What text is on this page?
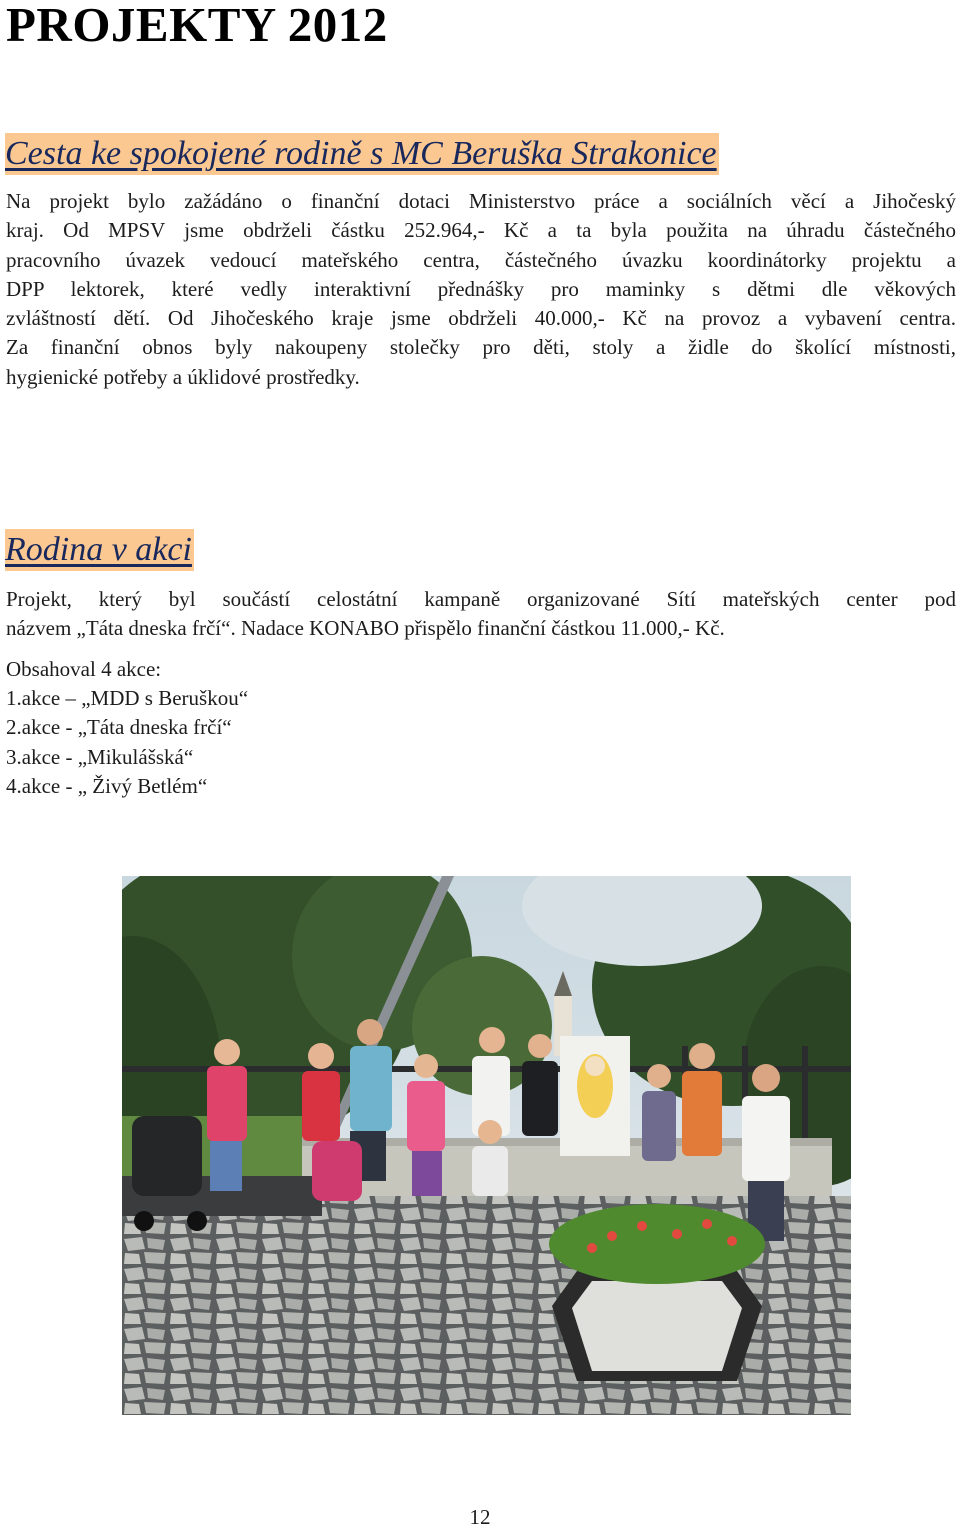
PROJEKTY 2012
Cesta ke spokojené rodině s MC Beruška Strakonice
Na projekt bylo zažádáno o finanční dotaci Ministerstvo práce a sociálních věcí a Jihočeský
kraj. Od MPSV jsme obdrželi částku 252.964,- Kč a ta byla použita na úhradu částečného
pracovního úvazek vedoucí mateřského centra, částečného úvazku koordinátorky projektu a
DPP lektorek, které vedly interaktivní přednášky pro maminky s dětmi dle věkových
zvláštností dětí. Od Jihočeského kraje jsme obdrželi 40.000,- Kč na provoz a vybavení centra.
Za finanční obnos byly nakoupeny stolečky pro děti, stoly a židle do školící místnosti,
hygienické potřeby a úklidové prostředky.
Rodina v akci
Projekt, který byl součástí celostátní kampaně organizované Sítí mateřských center pod
názvem „Táta dneska frčí“. Nadace KONABO přispělo finanční částkou 11.000,- Kč.
Obsahoval 4 akce:
1.akce – „MDD s Beruškou“
2.akce - „Táta dneska frčí“
3.akce - „Mikulášská“
4.akce - „ Živý Betlém“
12
